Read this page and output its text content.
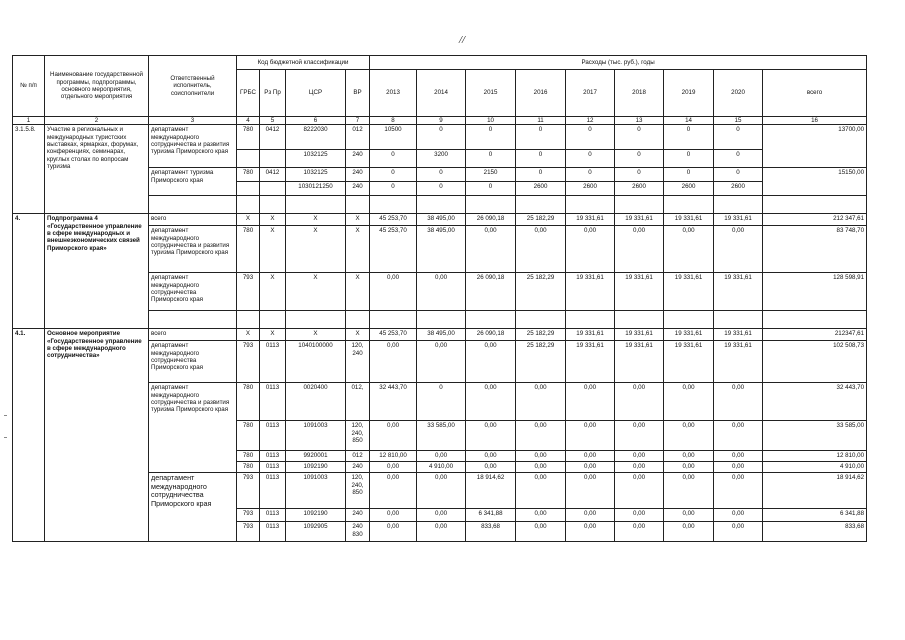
//
№ п/п	Наименование государственной программы, подпрограммы, основного мероприятия, отдельного мероприятия	Ответственный исполнитель, соисполнители	Код бюджетной классификации				Расходы (тыс. руб.), годы								
			ГРБС	Рз Пр	ЦСР	ВР	2013	2014	2015	2016	2017	2018	2019	2020	всего
1	2	3	4	5	6	7	8	9	10	11	12	13	14	15	16
3.1.5.8.	Участие в региональных и международных туристских выставках, ярмарках, форумах, конференциях, семинарах, круглых столах по вопросам туризма	департамент международного сотрудничества и развития туризма Приморского края	780	0412	8222030	012	10500	0	0	0	0	0	0	0	13700,00
					1032125	240	0	3200	0	0	0	0	0	0	
		департамент туризма Приморского края	780	0412	1032125	240	0	0	2150	0	0	0	0	0	15150,00
					1030121250	240	0	0	0	2600	2600	2600	2600	2600	

4.	Подпрограмма 4 «Государственное управление в сфере международных и внешнеэкономических связей Приморского края»	всего	X	X	X	X	45 253,70	38 495,00	26 090,18	25 182,29	19 331,61	19 331,61	19 331,61	19 331,61	212 347,61
		департамент международного сотрудничества и развития туризма Приморского края	780	X	X	X	45 253,70	38 495,00	0,00	0,00	0,00	0,00	0,00	0,00	83 748,70
		департамент международного сотрудничества Приморского края	793	X	X	X	0,00	0,00	26 090,18	25 182,29	19 331,61	19 331,61	19 331,61	19 331,61	128 598,91

4.1.	Основное мероприятие «Государственное управление в сфере международного сотрудничества»	всего	X	X	X	X	45 253,70	38 495,00	26 090,18	25 182,29	19 331,61	19 331,61	19 331,61	19 331,61	212347,61
		департамент международного сотрудничества Приморского края	793	0113	1040100000	120, 240	0,00	0,00	0,00	25 182,29	19 331,61	19 331,61	19 331,61	19 331,61	102 508,73
		департамент международного сотрудничества и развития туризма Приморского края	780	0113	0020400	012,	32 443,70	0	0,00	0,00	0,00	0,00	0,00	0,00	32 443,70
			780	0113	1091003	120, 240, 850	0,00	33 585,00	0,00	0,00	0,00	0,00	0,00	0,00	33 585,00
			780	0113	9920001	012	12 810,00	0,00	0,00	0,00	0,00	0,00	0,00	0,00	12 810,00
			780	0113	1092190	240	0,00	4 910,00	0,00	0,00	0,00	0,00	0,00	0,00	4 910,00
		департамент международного сотрудничества Приморского края	793	0113	1091003	120, 240, 850	0,00	0,00	18 914,62	0,00	0,00	0,00	0,00	0,00	18 914,62
			793	0113	1092190	240	0,00	0,00	6 341,88	0,00	0,00	0,00	0,00	0,00	6 341,88
			793	0113	1092905	240 830	0,00	0,00	833,68	0,00	0,00	0,00	0,00	0,00	833,68
